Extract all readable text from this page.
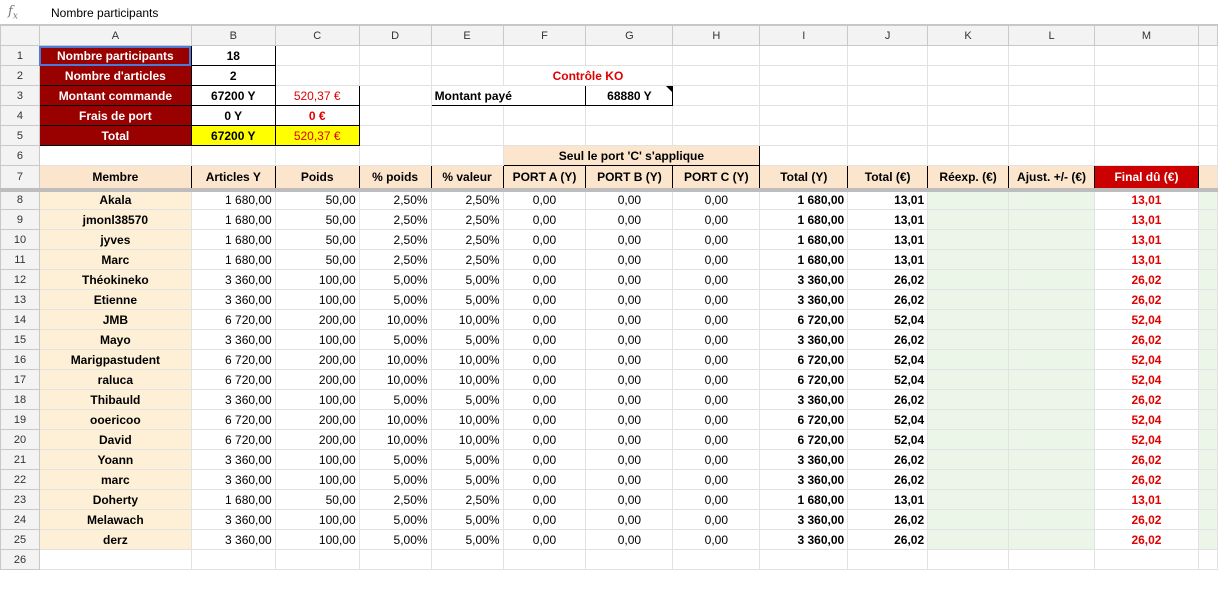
$f_x$	Nombre participants
	A	B	C	D	E	F	G	H	I	J	K	L	M	
1	Nombre participants	18												
2	Nombre d'articles	2				Contrôle KO								
3	Montant commande	67200 Y	520,37 €		Montant payé		68880 Y

4	Frais de port	0 Y	0 €											
5	Total	67200 Y	520,37 €											
6						Seul le port 'C' s'applique								
7	Membre	Articles Y	Poids	% poids	% valeur	PORT A (Y)	PORT B (Y)	PORT C (Y)	Total (Y)	Total (€)	Réexp. (€)	Ajust. +/- (€)	Final dû (€)	
8	Akala	1 680,00	50,00	2,50%	2,50%	0,00	0,00	0,00	1 680,00	13,01			13,01	
9	jmonl38570	1 680,00	50,00	2,50%	2,50%	0,00	0,00	0,00	1 680,00	13,01			13,01	
10	jyves	1 680,00	50,00	2,50%	2,50%	0,00	0,00	0,00	1 680,00	13,01			13,01	
11	Marc	1 680,00	50,00	2,50%	2,50%	0,00	0,00	0,00	1 680,00	13,01			13,01	
12	Théokineko	3 360,00	100,00	5,00%	5,00%	0,00	0,00	0,00	3 360,00	26,02			26,02	
13	Etienne	3 360,00	100,00	5,00%	5,00%	0,00	0,00	0,00	3 360,00	26,02			26,02	
14	JMB	6 720,00	200,00	10,00%	10,00%	0,00	0,00	0,00	6 720,00	52,04			52,04	
15	Mayo	3 360,00	100,00	5,00%	5,00%	0,00	0,00	0,00	3 360,00	26,02			26,02	
16	Marigpastudent	6 720,00	200,00	10,00%	10,00%	0,00	0,00	0,00	6 720,00	52,04			52,04	
17	raluca	6 720,00	200,00	10,00%	10,00%	0,00	0,00	0,00	6 720,00	52,04			52,04	
18	Thibauld	3 360,00	100,00	5,00%	5,00%	0,00	0,00	0,00	3 360,00	26,02			26,02	
19	ooericoo	6 720,00	200,00	10,00%	10,00%	0,00	0,00	0,00	6 720,00	52,04			52,04	
20	David	6 720,00	200,00	10,00%	10,00%	0,00	0,00	0,00	6 720,00	52,04			52,04	
21	Yoann	3 360,00	100,00	5,00%	5,00%	0,00	0,00	0,00	3 360,00	26,02			26,02	
22	marc	3 360,00	100,00	5,00%	5,00%	0,00	0,00	0,00	3 360,00	26,02			26,02	
23	Doherty	1 680,00	50,00	2,50%	2,50%	0,00	0,00	0,00	1 680,00	13,01			13,01	
24	Melawach	3 360,00	100,00	5,00%	5,00%	0,00	0,00	0,00	3 360,00	26,02			26,02	
25	derz	3 360,00	100,00	5,00%	5,00%	0,00	0,00	0,00	3 360,00	26,02			26,02	
26														
